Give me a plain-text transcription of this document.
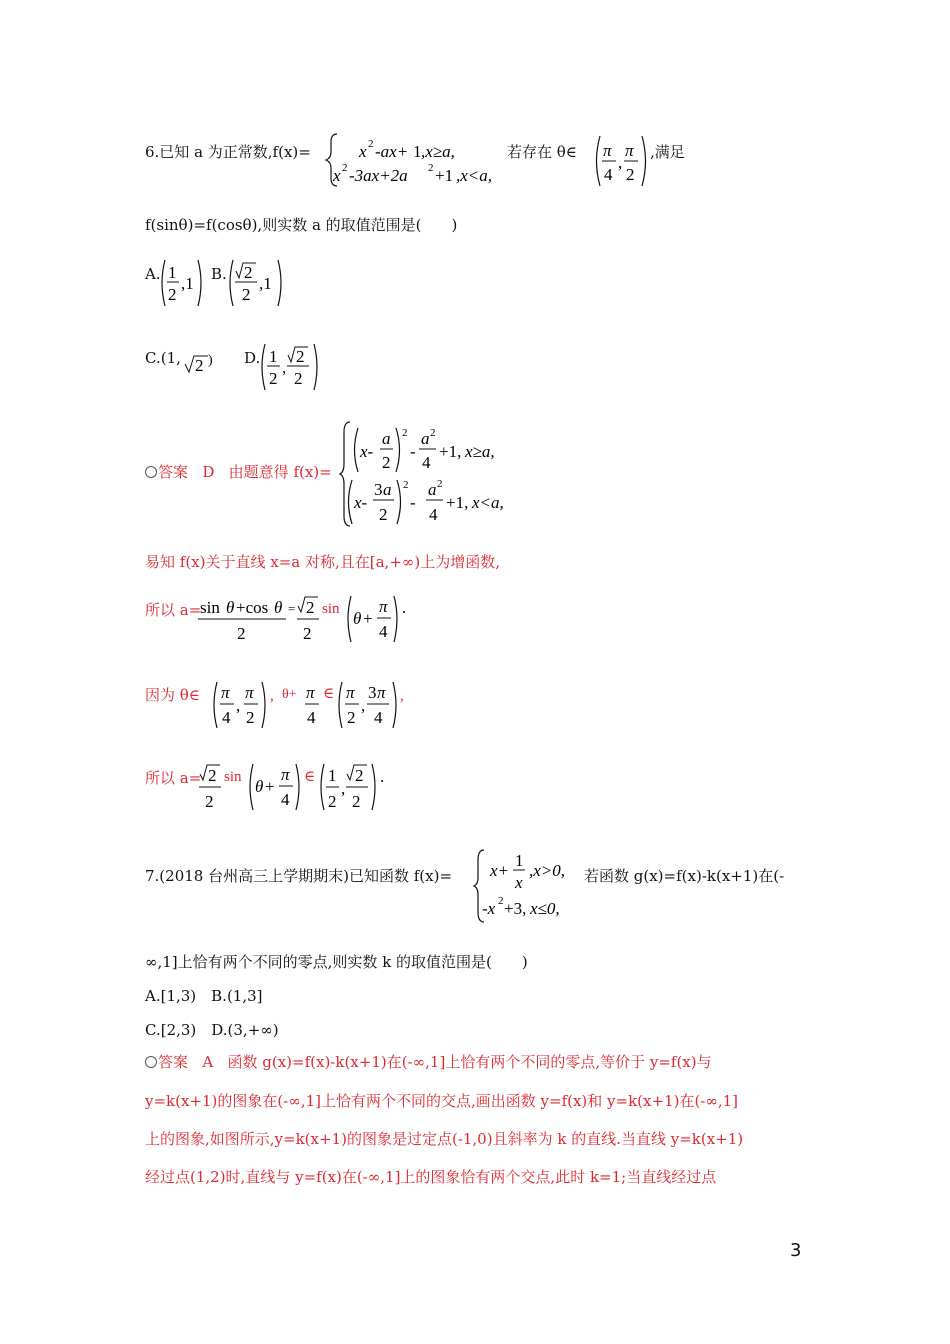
6.已知 a 为正常数,f(x)=	x 2 -ax+ 1 ,x≥a,
x 2 -3ax+2a 2 +1 ,x<a,
若存在 θ∈ π
4
,
π
2
,满足
f(sinθ)=f(cosθ),则实数 a 的取值范围是(　　)
A. 1
2
,1 B. 2
2
,1
C.(1, 2 ) D. 1
2
,
2
2
答案 D 由题意得 f(x)=
x-
a
2
2
-
a 2
4
+1, x≥a,
x-
3 a
2
2
-
a 2
4
+1, x<a,
易知 f(x)关于直线 x=a 对称,且在[a,+∞)上为增函数,
所以 a=
sin θ +cos θ
2
= 2
2
sin θ +
π
4
.
因为 θ∈ π
4
,
π
2
, θ+ π
4
∈ π
2
,
3 π
4
,
所以 a= 2
2
sin θ +
π
4
∈ 1
2
,
2
2
.
7.(2018 台州高三上学期期末)已知函数 f(x)= x+
1
x
,x>0,
-x 2 +3, x≤0,
若函数 g(x)=f(x)-k(x+1)在(-
∞,1]上恰有两个不同的零点,则实数 k 的取值范围是(　　)
A.[1,3)　B.(1,3]
C.[2,3)　D.(3,+∞)
答案 A 函数 g(x)=f(x)-k(x+1)在(-∞,1]上恰有两个不同的零点,等价于 y=f(x)与
y=k(x+1)的图象在(-∞,1]上恰有两个不同的交点,画出函数 y=f(x)和 y=k(x+1)在(-∞,1]
上的图象,如图所示,y=k(x+1)的图象是过定点(-1,0)且斜率为 k 的直线.当直线 y=k(x+1)
经过点(1,2)时,直线与 y=f(x)在(-∞,1]上的图象恰有两个交点,此时 k=1;当直线经过点
3
